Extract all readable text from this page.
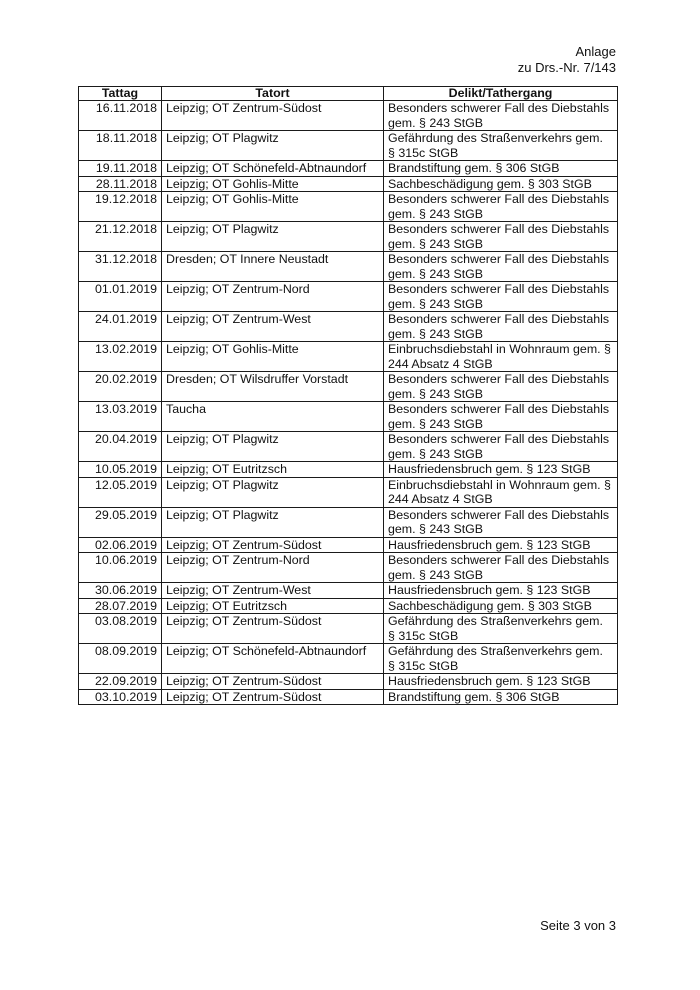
Anlage
zu Drs.-Nr. 7/143
Tattag	Tatort	Delikt/Tathergang
16.11.2018	Leipzig; OT Zentrum-Südost	Besonders schwerer Fall des Diebstahls gem. § 243 StGB
18.11.2018	Leipzig; OT Plagwitz	Gefährdung des Straßenverkehrs gem. § 315c StGB
19.11.2018	Leipzig; OT Schönefeld-Abtnaundorf	Brandstiftung gem. § 306 StGB
28.11.2018	Leipzig; OT Gohlis-Mitte	Sachbeschädigung gem. § 303 StGB
19.12.2018	Leipzig; OT Gohlis-Mitte	Besonders schwerer Fall des Diebstahls gem. § 243 StGB
21.12.2018	Leipzig; OT Plagwitz	Besonders schwerer Fall des Diebstahls gem. § 243 StGB
31.12.2018	Dresden; OT Innere Neustadt	Besonders schwerer Fall des Diebstahls gem. § 243 StGB
01.01.2019	Leipzig; OT Zentrum-Nord	Besonders schwerer Fall des Diebstahls gem. § 243 StGB
24.01.2019	Leipzig; OT Zentrum-West	Besonders schwerer Fall des Diebstahls gem. § 243 StGB
13.02.2019	Leipzig; OT Gohlis-Mitte	Einbruchsdiebstahl in Wohnraum gem. § 244 Absatz 4 StGB
20.02.2019	Dresden; OT Wilsdruffer Vorstadt	Besonders schwerer Fall des Diebstahls gem. § 243 StGB
13.03.2019	Taucha	Besonders schwerer Fall des Diebstahls gem. § 243 StGB
20.04.2019	Leipzig; OT Plagwitz	Besonders schwerer Fall des Diebstahls gem. § 243 StGB
10.05.2019	Leipzig; OT Eutritzsch	Hausfriedensbruch gem. § 123 StGB
12.05.2019	Leipzig; OT Plagwitz	Einbruchsdiebstahl in Wohnraum gem. § 244 Absatz 4 StGB
29.05.2019	Leipzig; OT Plagwitz	Besonders schwerer Fall des Diebstahls gem. § 243 StGB
02.06.2019	Leipzig; OT Zentrum-Südost	Hausfriedensbruch gem. § 123 StGB
10.06.2019	Leipzig; OT Zentrum-Nord	Besonders schwerer Fall des Diebstahls gem. § 243 StGB
30.06.2019	Leipzig; OT Zentrum-West	Hausfriedensbruch gem. § 123 StGB
28.07.2019	Leipzig; OT Eutritzsch	Sachbeschädigung gem. § 303 StGB
03.08.2019	Leipzig; OT Zentrum-Südost	Gefährdung des Straßenverkehrs gem. § 315c StGB
08.09.2019	Leipzig; OT Schönefeld-Abtnaundorf	Gefährdung des Straßenverkehrs gem. § 315c StGB
22.09.2019	Leipzig; OT Zentrum-Südost	Hausfriedensbruch gem. § 123 StGB
03.10.2019	Leipzig; OT Zentrum-Südost	Brandstiftung gem. § 306 StGB
Seite 3 von 3
